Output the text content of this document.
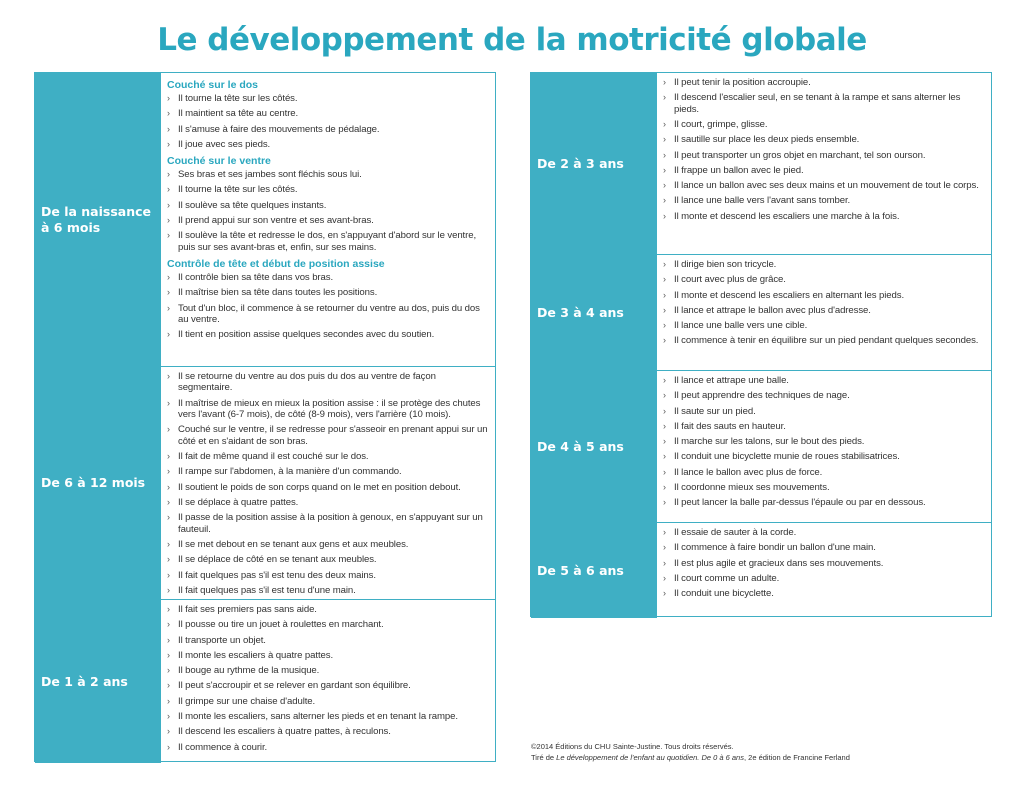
Le développement de la motricité globale
De la naissance
à 6 mois
Couché sur le dos
› Il tourne la tête sur les côtés.
› Il maintient sa tête au centre.
› Il s'amuse à faire des mouvements de pédalage.
› Il joue avec ses pieds.
Couché sur le ventre
› Ses bras et ses jambes sont fléchis sous lui.
› Il tourne la tête sur les côtés.
› Il soulève sa tête quelques instants.
› Il prend appui sur son ventre et ses avant-bras.
› Il soulève la tête et redresse le dos, en s'appuyant d'abord sur le ventre, puis sur ses avant-bras et, enfin, sur ses mains.
Contrôle de tête et début de position assise
› Il contrôle bien sa tête dans vos bras.
› Il maîtrise bien sa tête dans toutes les positions.
› Tout d'un bloc, il commence à se retourner du ventre au dos, puis du dos au ventre.
› Il tient en position assise quelques secondes avec du soutien.
De 6 à 12 mois
› Il se retourne du ventre au dos puis du dos au ventre de façon segmentaire.
› Il maîtrise de mieux en mieux la position assise : il se protège des chutes vers l'avant (6-7 mois), de côté (8-9 mois), vers l'arrière (10 mois).
› Couché sur le ventre, il se redresse pour s'asseoir en prenant appui sur un côté et en s'aidant de son bras.
› Il fait de même quand il est couché sur le dos.
› Il rampe sur l'abdomen, à la manière d'un commando.
› Il soutient le poids de son corps quand on le met en position debout.
› Il se déplace à quatre pattes.
› Il passe de la position assise à la position à genoux, en s'appuyant sur un fauteuil.
› Il se met debout en se tenant aux gens et aux meubles.
› Il se déplace de côté en se tenant aux meubles.
› Il fait quelques pas s'il est tenu des deux mains.
› Il fait quelques pas s'il est tenu d'une main.
De 1 à 2 ans
› Il fait ses premiers pas sans aide.
› Il pousse ou tire un jouet à roulettes en marchant.
› Il transporte un objet.
› Il monte les escaliers à quatre pattes.
› Il bouge au rythme de la musique.
› Il peut s'accroupir et se relever en gardant son équilibre.
› Il grimpe sur une chaise d'adulte.
› Il monte les escaliers, sans alterner les pieds et en tenant la rampe.
› Il descend les escaliers à quatre pattes, à reculons.
› Il commence à courir.
De 2 à 3 ans
› Il peut tenir la position accroupie.
› Il descend l'escalier seul, en se tenant à la rampe et sans alterner les pieds.
› Il court, grimpe, glisse.
› Il sautille sur place les deux pieds ensemble.
› Il peut transporter un gros objet en marchant, tel son ourson.
› Il frappe un ballon avec le pied.
› Il lance un ballon avec ses deux mains et un mouvement de tout le corps.
› Il lance une balle vers l'avant sans tomber.
› Il monte et descend les escaliers une marche à la fois.
De 3 à 4 ans
› Il dirige bien son tricycle.
› Il court avec plus de grâce.
› Il monte et descend les escaliers en alternant les pieds.
› Il lance et attrape le ballon avec plus d'adresse.
› Il lance une balle vers une cible.
› Il commence à tenir en équilibre sur un pied pendant quelques secondes.
De 4 à 5 ans
› Il lance et attrape une balle.
› Il peut apprendre des techniques de nage.
› Il saute sur un pied.
› Il fait des sauts en hauteur.
› Il marche sur les talons, sur le bout des pieds.
› Il conduit une bicyclette munie de roues stabilisatrices.
› Il lance le ballon avec plus de force.
› Il coordonne mieux ses mouvements.
› Il peut lancer la balle par-dessus l'épaule ou par en dessous.
De 5 à 6 ans
› Il essaie de sauter à la corde.
› Il commence à faire bondir un ballon d'une main.
› Il est plus agile et gracieux dans ses mouvements.
› Il court comme un adulte.
› Il conduit une bicyclette.
©2014 Éditions du CHU Sainte-Justine. Tous droits réservés.
Tiré de Le développement de l'enfant au quotidien. De 0 à 6 ans, 2e édition de Francine Ferland
